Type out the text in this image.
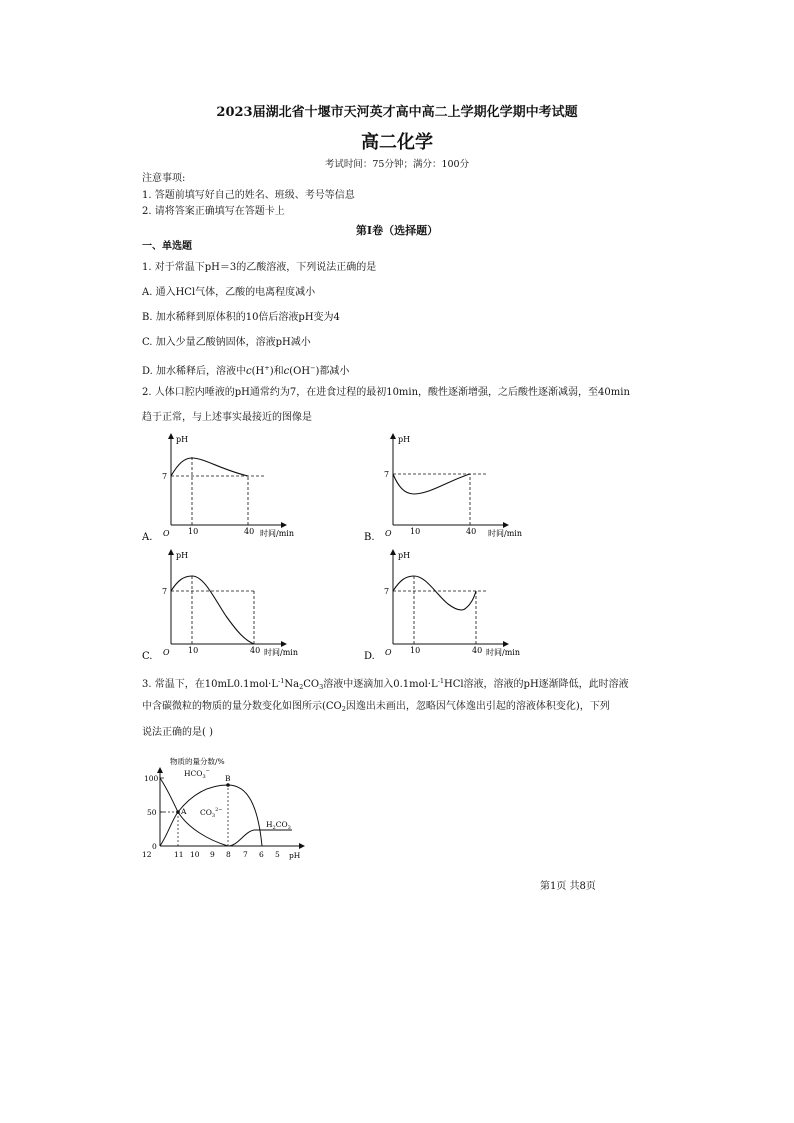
2023届湖北省十堰市天河英才高中高二上学期化学期中考试题
高二化学
考试时间：75分钟；满分：100分
注意事项:
1. 答题前填写好自己的姓名、班级、考号等信息
2. 请将答案正确填写在答题卡上
第Ⅰ卷（选择题）
一、单选题
1. 对于常温下pH＝3的乙酸溶液，下列说法正确的是
A. 通入HCl气体，乙酸的电离程度减小
B. 加水稀释到原体积的10倍后溶液pH变为4
C. 加入少量乙酸钠固体，溶液pH减小
D. 加水稀释后，溶液中c(H+)和c(OH−)都减小
2. 人体口腔内唾液的pH通常约为7，在进食过程的最初10min，酸性逐渐增强，之后酸性逐渐减弱，至40min
趋于正常，与上述事实最接近的图像是
pH
7
O 10	40 时间/min
A.
pH
7
O 10	40 时间/min
B.
pH
7
O 10	40 时间/min
C.
pH
7
O 10	40 时间/min
D.
3. 常温下，在$10mL0.1mol\cdot L^{-1}Na_2CO_3$溶液中逐滴加入$0.1mol\cdot L^{-1}HCl$溶液，溶液的pH逐渐降低，此时溶液
中含碳微粒的物质的量分数变化如图所示($CO_2$因逸出未画出，忽略因气体逸出引起的溶液体积变化)，下列
说法正确的是( )
物质的量分数/%
100
50
0
A
B
$HCO_3^-$
$CO_3^{2-}$
$H_2CO_3$
12	11 10 9 8 7 6 5 pH
第1页 共8页
